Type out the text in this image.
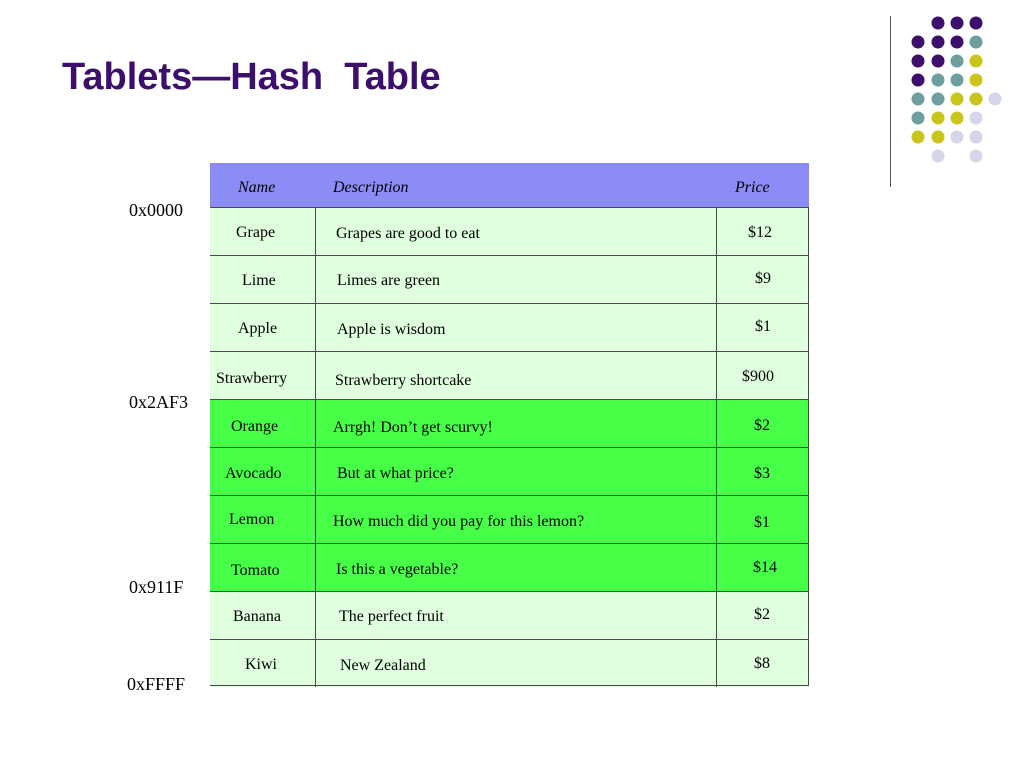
Tablets—Hash  Table
0x0000
0x2AF3
0x911F
0xFFFF
Name	Description	Price
Grape	Grapes are good to eat	$12
Lime	Limes are green	$9
Apple	Apple is wisdom	$1
Strawberry	Strawberry shortcake	$900
Orange	Arrgh! Don’t get scurvy!	$2
Avocado	But at what price?	$3
Lemon	How much did you pay for this lemon?	$1
Tomato	Is this a vegetable?	$14
Banana	The perfect fruit	$2
Kiwi	New Zealand	$8
